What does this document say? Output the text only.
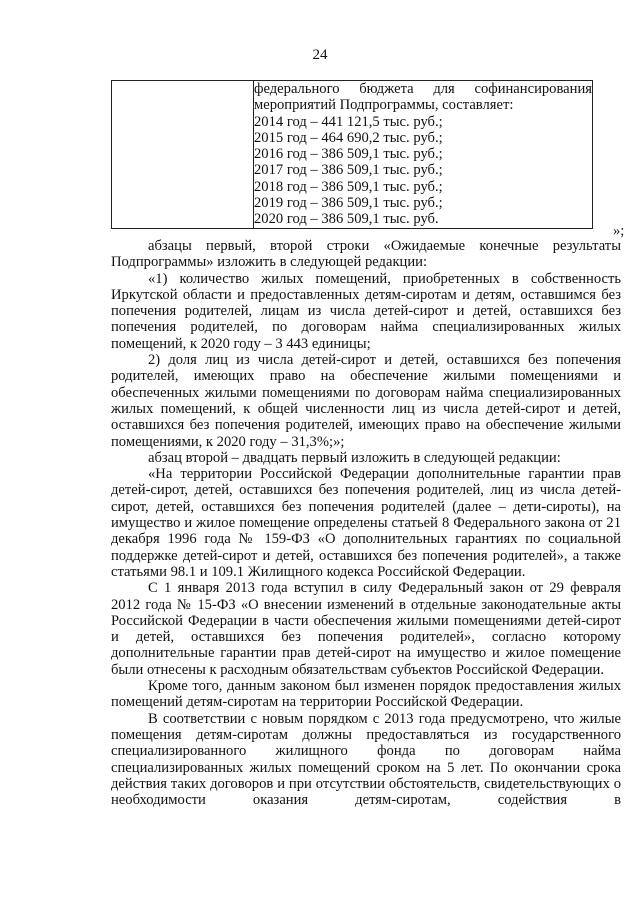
24

федерального бюджета для софинансирования

мероприятий Подпрограммы, составляет:

2014 год – 441 121,5 тыс. руб.;

2015 год – 464 690,2 тыс. руб.;

2016 год – 386 509,1 тыс. руб.;

2017 год – 386 509,1 тыс. руб.;

2018 год – 386 509,1 тыс. руб.;

2019 год – 386 509,1 тыс. руб.;

2020 год – 386 509,1 тыс. руб.

»;

абзацы первый, второй строки «Ожидаемые конечные результаты Подпрограммы» изложить в следующей редакции:

«1) количество жилых помещений, приобретенных в собственность Иркутской области и предоставленных детям-сиротам и детям, оставшимся без попечения родителей, лицам из числа детей-сирот и детей, оставшихся без попечения родителей, по договорам найма специализированных жилых помещений, к 2020 году – 3 443 единицы;

2) доля лиц из числа детей-сирот и детей, оставшихся без попечения родителей, имеющих право на обеспечение жилыми помещениями и обеспеченных жилыми помещениями по договорам найма специализированных жилых помещений, к общей численности лиц из числа детей-сирот и детей, оставшихся без попечения родителей, имеющих право на обеспечение жилыми помещениями, к 2020 году – 31,3%;»;

абзац второй – двадцать первый изложить в следующей редакции:

«На территории Российской Федерации дополнительные гарантии прав детей-сирот, детей, оставшихся без попечения родителей, лиц из числа детей-сирот, детей, оставшихся без попечения родителей (далее – дети-сироты), на имущество и жилое помещение определены статьей 8 Федерального закона от 21 декабря 1996 года № 159-ФЗ «О дополнительных гарантиях по социальной поддержке детей-сирот и детей, оставшихся без попечения родителей», а также статьями 98.1 и 109.1 Жилищного кодекса Российской Федерации.

С 1 января 2013 года вступил в силу Федеральный закон от 29 февраля 2012 года № 15-ФЗ «О внесении изменений в отдельные законодательные акты Российской Федерации в части обеспечения жилыми помещениями детей-сирот и детей, оставшихся без попечения родителей», согласно которому дополнительные гарантии прав детей-сирот на имущество и жилое помещение были отнесены к расходным обязательствам субъектов Российской Федерации.

Кроме того, данным законом был изменен порядок предоставления жилых помещений детям-сиротам на территории Российской Федерации.

В соответствии с новым порядком с 2013 года предусмотрено, что жилые помещения детям-сиротам должны предоставляться из государственного специализированного жилищного фонда по договорам найма специализированных жилых помещений сроком на 5 лет. По окончании срока действия таких договоров и при отсутствии обстоятельств, свидетельствующих о необходимости оказания детям-сиротам, содействия в
